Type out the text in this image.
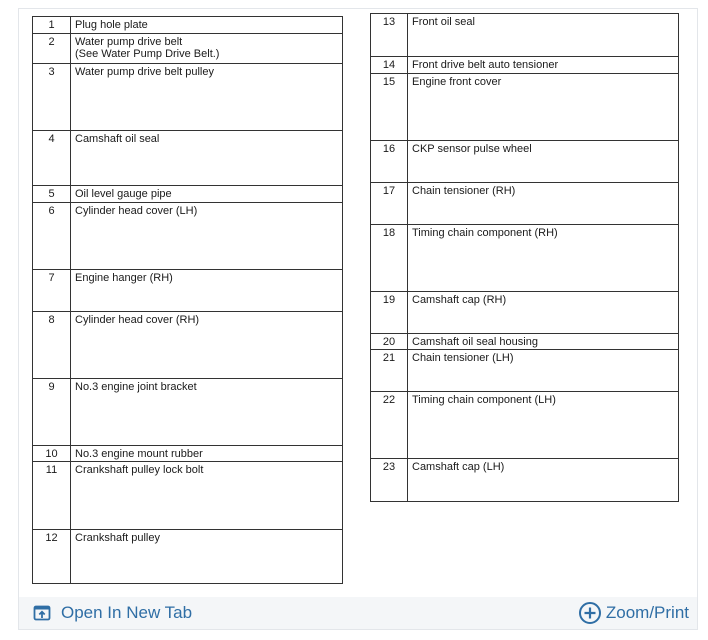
1	Plug hole plate
2	Water pump drive belt
(See Water Pump Drive Belt.)

3	Water pump drive belt pulley
4	Camshaft oil seal
5	Oil level gauge pipe
6	Cylinder head cover (LH)
7	Engine hanger (RH)
8	Cylinder head cover (RH)
9	No.3 engine joint bracket
10	No.3 engine mount rubber
11	Crankshaft pulley lock bolt
12	Crankshaft pulley
13	Front oil seal
14	Front drive belt auto tensioner
15	Engine front cover
16	CKP sensor pulse wheel
17	Chain tensioner (RH)
18	Timing chain component (RH)
19	Camshaft cap (RH)
20	Camshaft oil seal housing
21	Chain tensioner (LH)
22	Timing chain component (LH)
23	Camshaft cap (LH)
Open In New Tab	Zoom/Print
